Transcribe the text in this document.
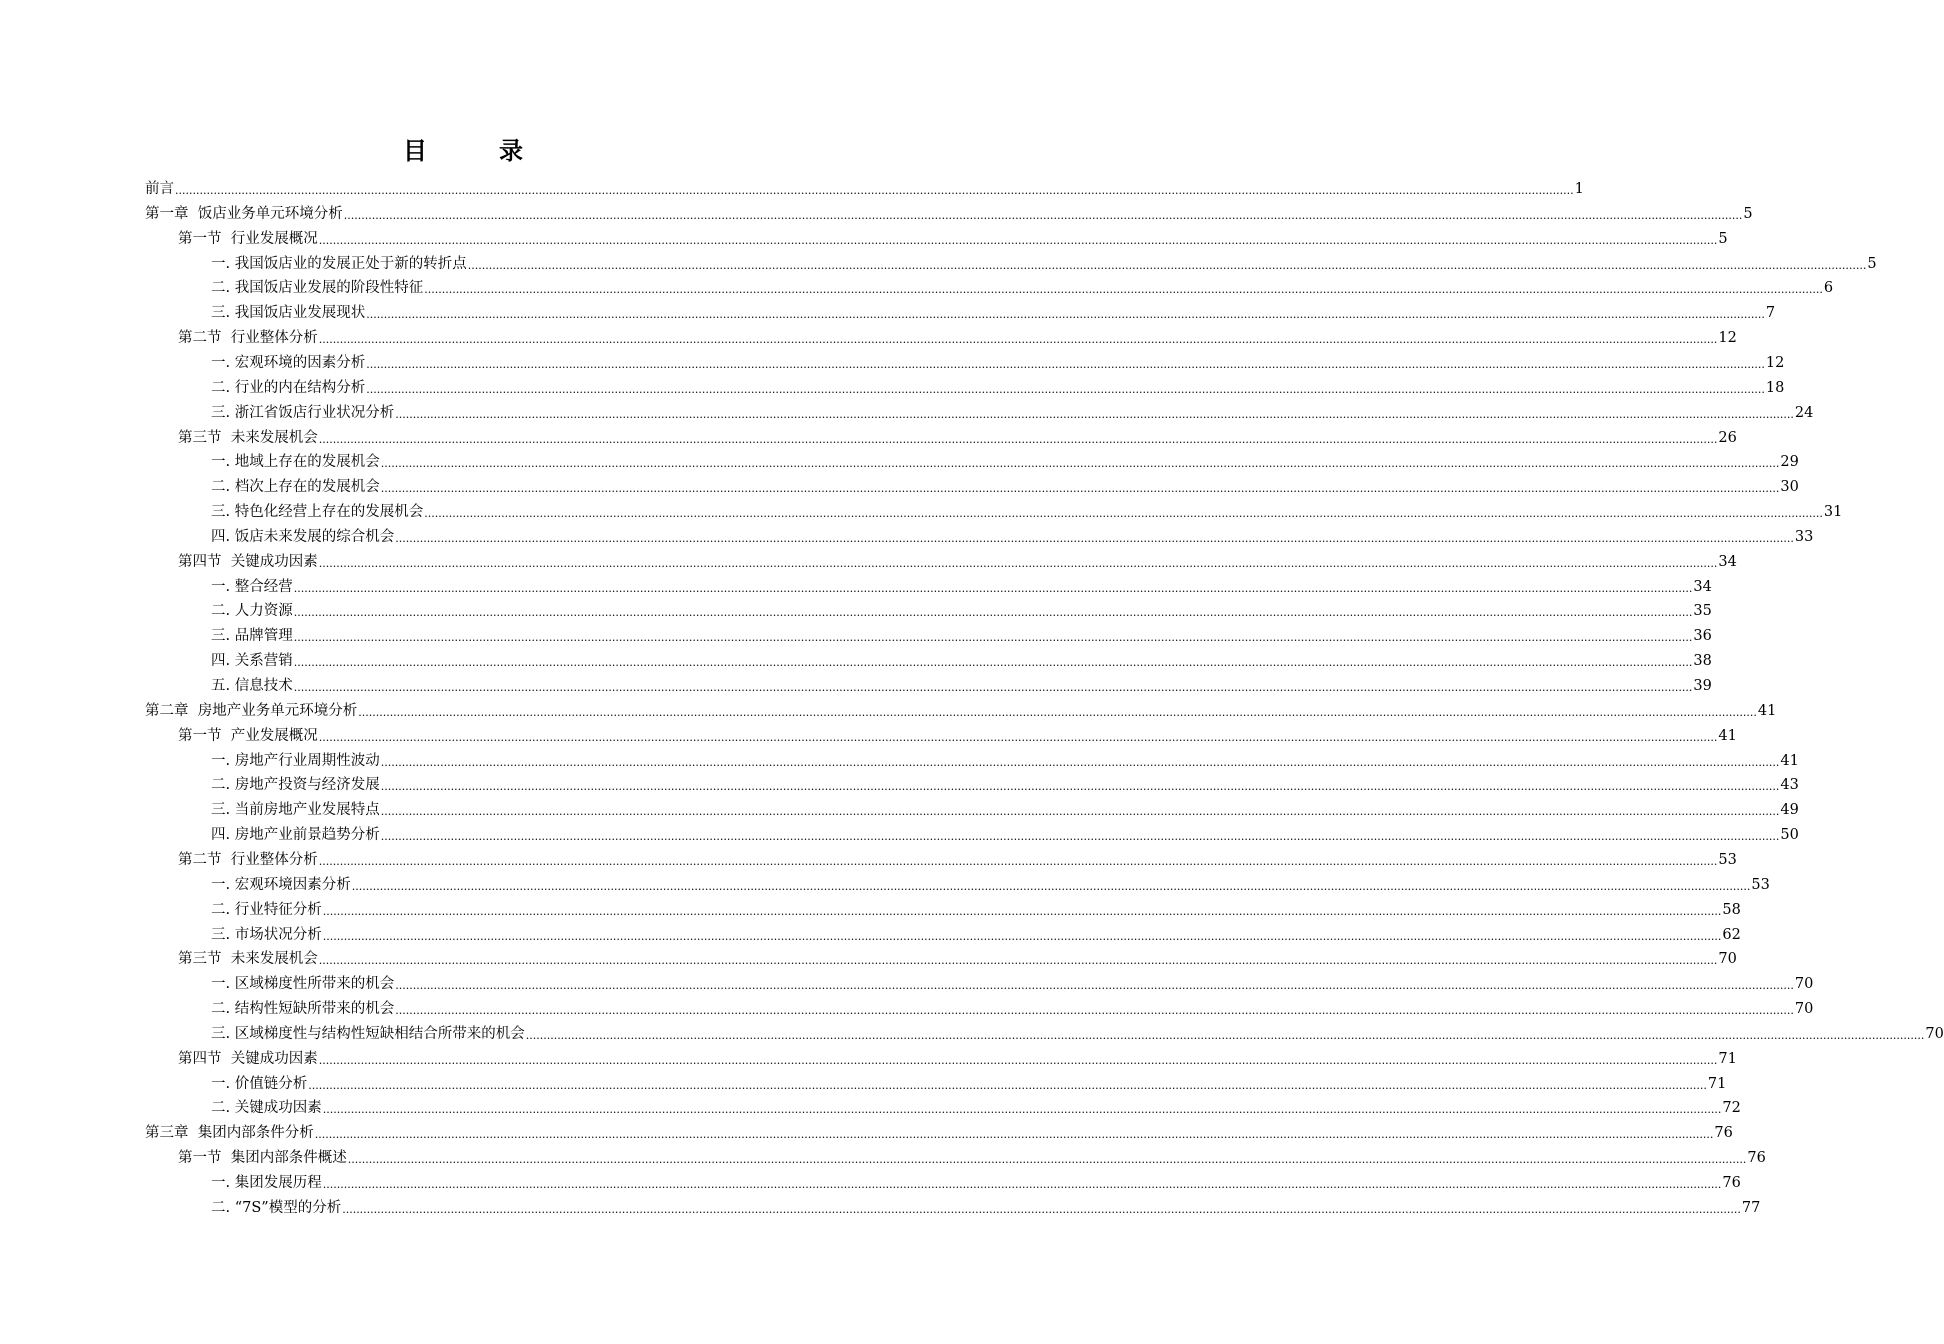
目　录
前言 ................................................................................................................................................................................................................................................................................................................................................................................................................ 1
第一章  饭店业务单元环境分析 ................................................................................................................................................................................................................................................................................................................................................................................................................ 5
第一节  行业发展概况 ................................................................................................................................................................................................................................................................................................................................................................................................................ 5
一. 我国饭店业的发展正处于新的转折点 ................................................................................................................................................................................................................................................................................................................................................................................................................ 5
二. 我国饭店业发展的阶段性特征 ................................................................................................................................................................................................................................................................................................................................................................................................................ 6
三. 我国饭店业发展现状 ................................................................................................................................................................................................................................................................................................................................................................................................................ 7
第二节  行业整体分析 ................................................................................................................................................................................................................................................................................................................................................................................................................ 12
一. 宏观环境的因素分析 ................................................................................................................................................................................................................................................................................................................................................................................................................ 12
二. 行业的内在结构分析 ................................................................................................................................................................................................................................................................................................................................................................................................................ 18
三. 浙江省饭店行业状况分析 ................................................................................................................................................................................................................................................................................................................................................................................................................ 24
第三节  未来发展机会 ................................................................................................................................................................................................................................................................................................................................................................................................................ 26
一. 地域上存在的发展机会 ................................................................................................................................................................................................................................................................................................................................................................................................................ 29
二. 档次上存在的发展机会 ................................................................................................................................................................................................................................................................................................................................................................................................................ 30
三. 特色化经营上存在的发展机会 ................................................................................................................................................................................................................................................................................................................................................................................................................ 31
四. 饭店未来发展的综合机会 ................................................................................................................................................................................................................................................................................................................................................................................................................ 33
第四节  关键成功因素 ................................................................................................................................................................................................................................................................................................................................................................................................................ 34
一. 整合经营 ................................................................................................................................................................................................................................................................................................................................................................................................................ 34
二. 人力资源 ................................................................................................................................................................................................................................................................................................................................................................................................................ 35
三. 品牌管理 ................................................................................................................................................................................................................................................................................................................................................................................................................ 36
四. 关系营销 ................................................................................................................................................................................................................................................................................................................................................................................................................ 38
五. 信息技术 ................................................................................................................................................................................................................................................................................................................................................................................................................ 39
第二章  房地产业务单元环境分析 ................................................................................................................................................................................................................................................................................................................................................................................................................ 41
第一节  产业发展概况 ................................................................................................................................................................................................................................................................................................................................................................................................................ 41
一. 房地产行业周期性波动 ................................................................................................................................................................................................................................................................................................................................................................................................................ 41
二. 房地产投资与经济发展 ................................................................................................................................................................................................................................................................................................................................................................................................................ 43
三. 当前房地产业发展特点 ................................................................................................................................................................................................................................................................................................................................................................................................................ 49
四. 房地产业前景趋势分析 ................................................................................................................................................................................................................................................................................................................................................................................................................ 50
第二节  行业整体分析 ................................................................................................................................................................................................................................................................................................................................................................................................................ 53
一. 宏观环境因素分析 ................................................................................................................................................................................................................................................................................................................................................................................................................ 53
二. 行业特征分析 ................................................................................................................................................................................................................................................................................................................................................................................................................ 58
三. 市场状况分析 ................................................................................................................................................................................................................................................................................................................................................................................................................ 62
第三节  未来发展机会 ................................................................................................................................................................................................................................................................................................................................................................................................................ 70
一. 区域梯度性所带来的机会 ................................................................................................................................................................................................................................................................................................................................................................................................................ 70
二. 结构性短缺所带来的机会 ................................................................................................................................................................................................................................................................................................................................................................................................................ 70
三. 区域梯度性与结构性短缺相结合所带来的机会 ................................................................................................................................................................................................................................................................................................................................................................................................................ 70
第四节  关键成功因素 ................................................................................................................................................................................................................................................................................................................................................................................................................ 71
一. 价值链分析 ................................................................................................................................................................................................................................................................................................................................................................................................................ 71
二. 关键成功因素 ................................................................................................................................................................................................................................................................................................................................................................................................................ 72
第三章  集团内部条件分析 ................................................................................................................................................................................................................................................................................................................................................................................................................ 76
第一节  集团内部条件概述 ................................................................................................................................................................................................................................................................................................................................................................................................................ 76
一. 集团发展历程 ................................................................................................................................................................................................................................................................................................................................................................................................................ 76
二. “7S”模型的分析 ................................................................................................................................................................................................................................................................................................................................................................................................................ 77
